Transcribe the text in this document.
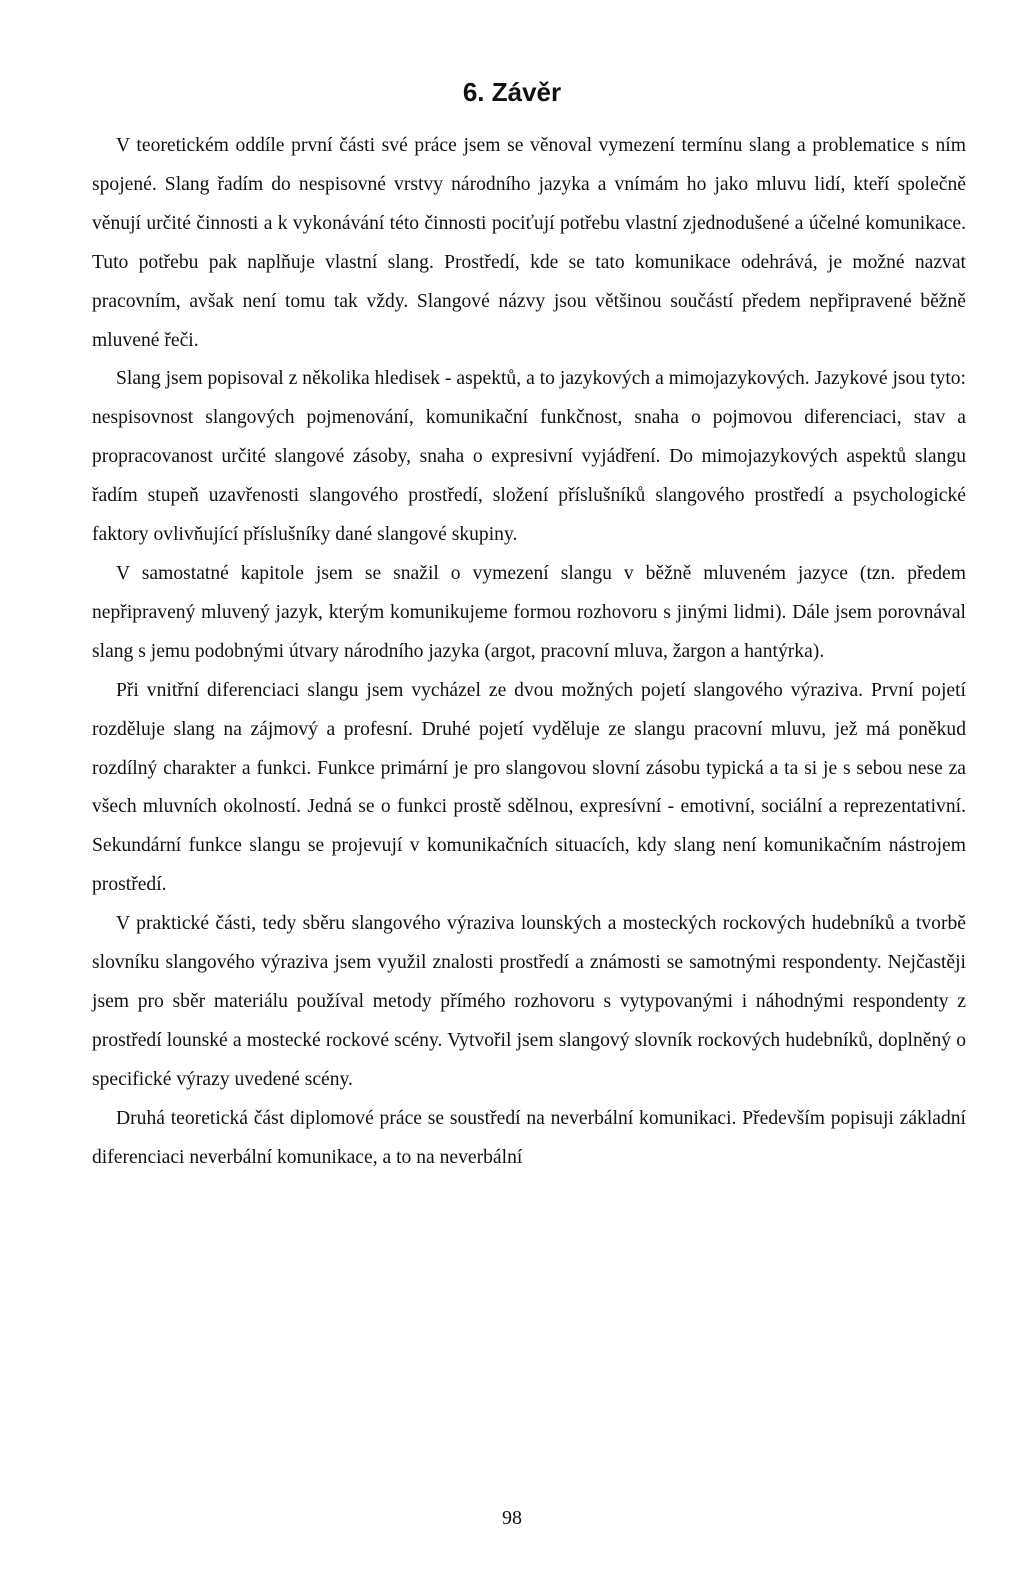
6. Závěr

V teoretickém oddíle první části své práce jsem se věnoval vymezení termínu slang a problematice s ním spojené. Slang řadím do nespisovné vrstvy národního jazyka a vnímám ho jako mluvu lidí, kteří společně věnují určité činnosti a k vykonávání této činnosti pociťují potřebu vlastní zjednodušené a účelné komunikace. Tuto potřebu pak naplňuje vlastní slang. Prostředí, kde se tato komunikace odehrává, je možné nazvat pracovním, avšak není tomu tak vždy. Slangové názvy jsou většinou součástí předem nepřipravené běžně mluvené řeči.

Slang jsem popisoval z několika hledisek - aspektů, a to jazykových a mimojazykových. Jazykové jsou tyto: nespisovnost slangových pojmenování, komunikační funkčnost, snaha o pojmovou diferenciaci, stav a propracovanost určité slangové zásoby, snaha o expresivní vyjádření. Do mimojazykových aspektů slangu řadím stupeň uzavřenosti slangového prostředí, složení příslušníků slangového prostředí a psychologické faktory ovlivňující příslušníky dané slangové skupiny.

V samostatné kapitole jsem se snažil o vymezení slangu v běžně mluveném jazyce (tzn. předem nepřipravený mluvený jazyk, kterým komunikujeme formou rozhovoru s jinými lidmi). Dále jsem porovnával slang s jemu podobnými útvary národního jazyka (argot, pracovní mluva, žargon a hantýrka).

Při vnitřní diferenciaci slangu jsem vycházel ze dvou možných pojetí slangového výraziva. První pojetí rozděluje slang na zájmový a profesní. Druhé pojetí vyděluje ze slangu pracovní mluvu, jež má poněkud rozdílný charakter a funkci. Funkce primární je pro slangovou slovní zásobu typická a ta si je s sebou nese za všech mluvních okolností. Jedná se o funkci prostě sdělnou, expresívní - emotivní, sociální a reprezentativní. Sekundární funkce slangu se projevují v komunikačních situacích, kdy slang není komunikačním nástrojem prostředí.

V praktické části, tedy sběru slangového výraziva lounských a mosteckých rockových hudebníků a tvorbě slovníku slangového výraziva jsem využil znalosti prostředí a známosti se samotnými respondenty. Nejčastěji jsem pro sběr materiálu používal metody přímého rozhovoru s vytypovanými i náhodnými respondenty z prostředí lounské a mostecké rockové scény. Vytvořil jsem slangový slovník rockových hudebníků, doplněný o specifické výrazy uvedené scény.

Druhá teoretická část diplomové práce se soustředí na neverbální komunikaci. Především popisuji základní diferenciaci neverbální komunikace, a to na neverbální

98
